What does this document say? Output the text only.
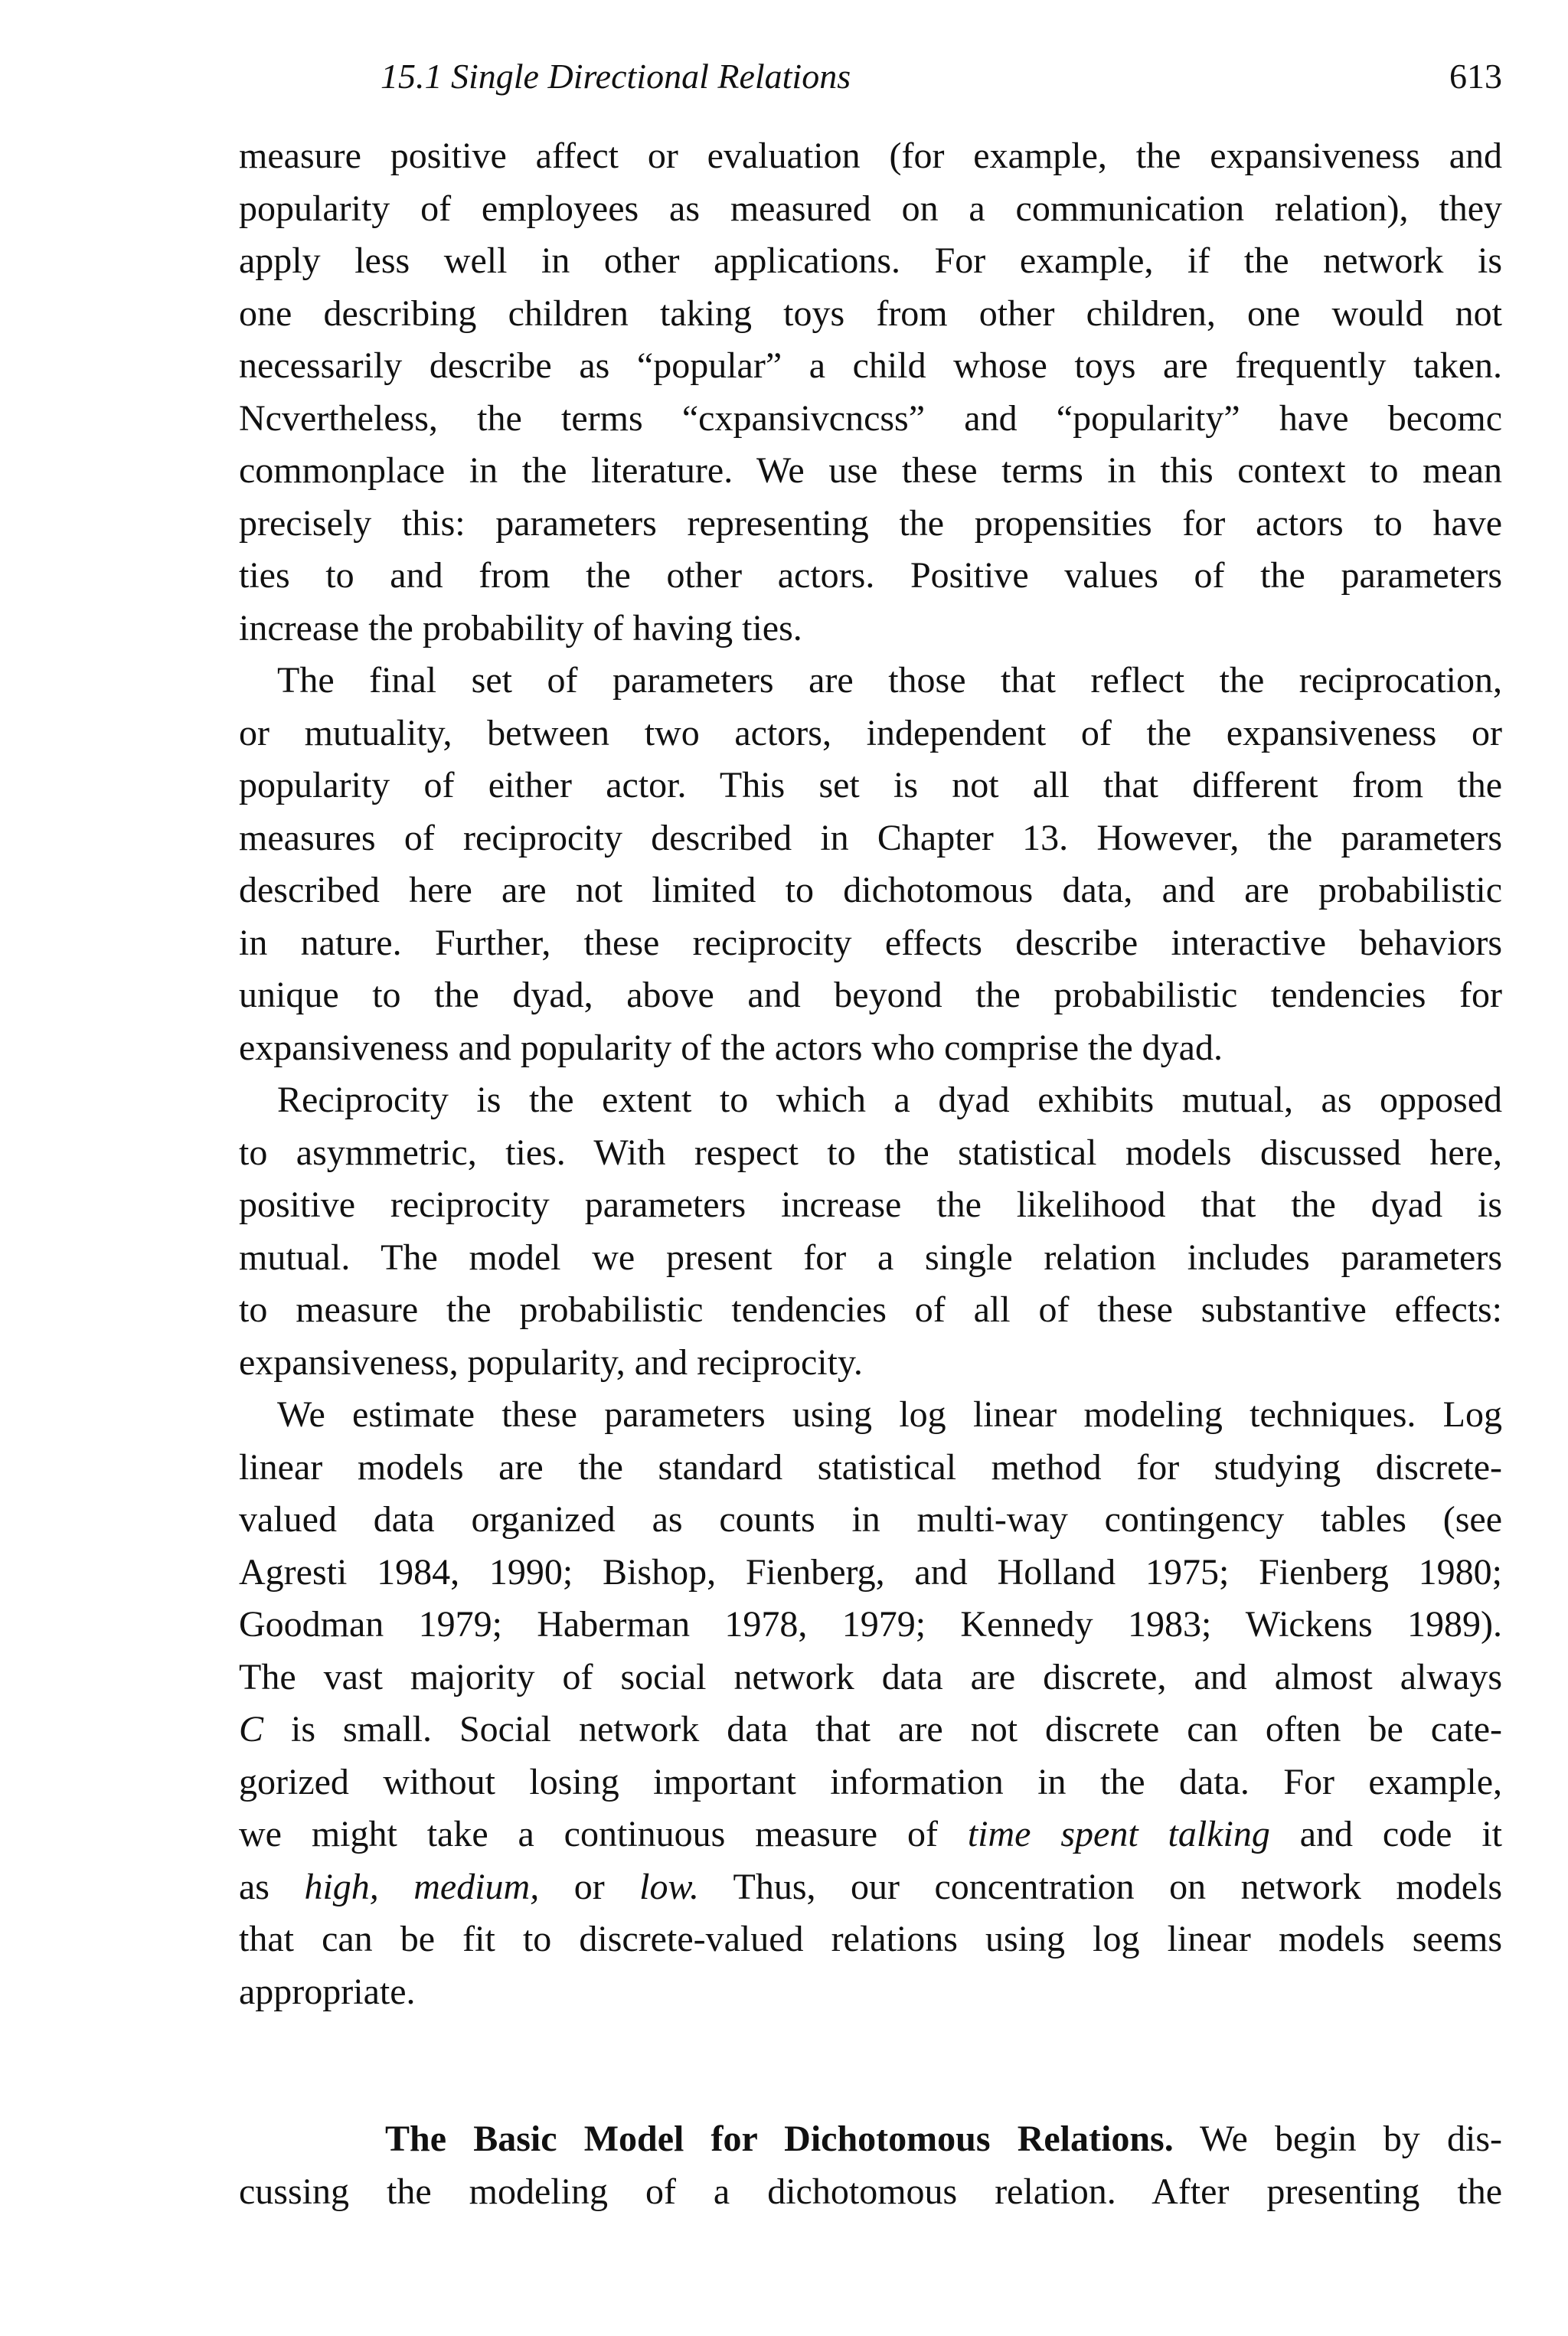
15.1 Single Directional Relations	613
measure positive affect or evaluation (for example, the expansiveness and
popularity of employees as measured on a communication relation), they
apply less well in other applications. For example, if the network is
one describing children taking toys from other children, one would not
necessarily describe as “popular” a child whose toys are frequently taken.
Ncvertheless, the terms “cxpansivcncss” and “popularity” have becomc
commonplace in the literature. We use these terms in this context to mean
precisely this: parameters representing the propensities for actors to have
ties to and from the other actors. Positive values of the parameters
increase the probability of having ties.
The final set of parameters are those that reflect the reciprocation,
or mutuality, between two actors, independent of the expansiveness or
popularity of either actor. This set is not all that different from the
measures of reciprocity described in Chapter 13. However, the parameters
described here are not limited to dichotomous data, and are probabilistic
in nature. Further, these reciprocity effects describe interactive behaviors
unique to the dyad, above and beyond the probabilistic tendencies for
expansiveness and popularity of the actors who comprise the dyad.
Reciprocity is the extent to which a dyad exhibits mutual, as opposed
to asymmetric, ties. With respect to the statistical models discussed here,
positive reciprocity parameters increase the likelihood that the dyad is
mutual. The model we present for a single relation includes parameters
to measure the probabilistic tendencies of all of these substantive effects:
expansiveness, popularity, and reciprocity.
We estimate these parameters using log linear modeling techniques. Log
linear models are the standard statistical method for studying discrete-
valued data organized as counts in multi-way contingency tables (see
Agresti 1984, 1990; Bishop, Fienberg, and Holland 1975; Fienberg 1980;
Goodman 1979; Haberman 1978, 1979; Kennedy 1983; Wickens 1989).
The vast majority of social network data are discrete, and almost always
C is small. Social network data that are not discrete can often be cate-
gorized without losing important information in the data. For example,
we might take a continuous measure of time spent talking and code it
as high, medium, or low. Thus, our concentration on network models
that can be fit to discrete-valued relations using log linear models seems
appropriate.
The Basic Model for Dichotomous Relations. We begin by dis-
cussing the modeling of a dichotomous relation. After presenting the
